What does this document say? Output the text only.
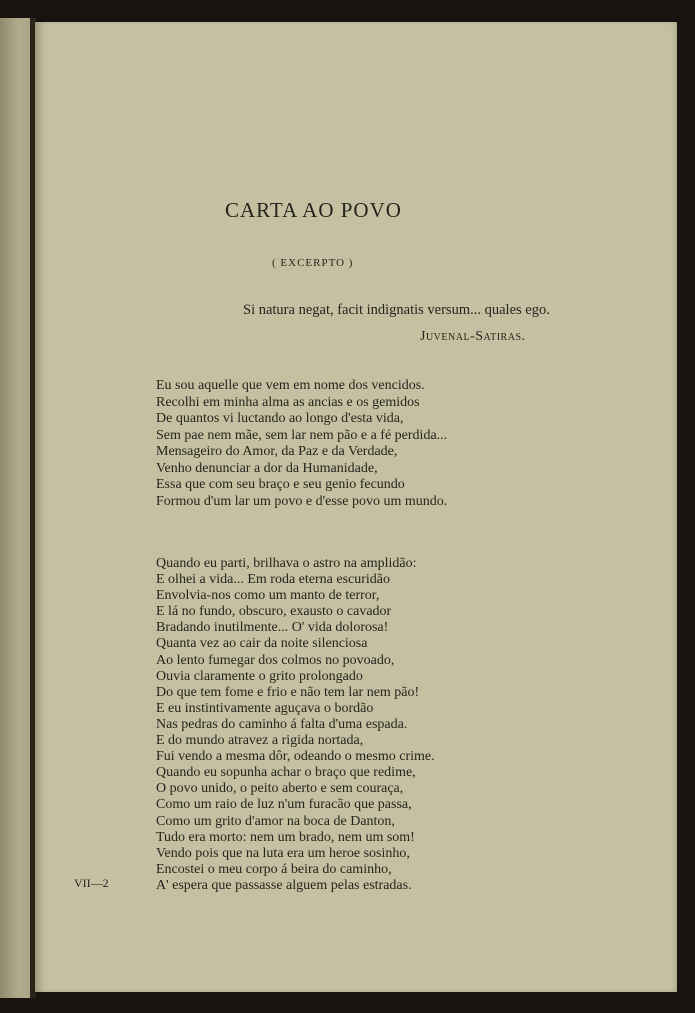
CARTA AO POVO
( EXCERPTO )
Si natura negat, facit indignatis versum... quales ego.
Juvenal-Satiras.
Eu sou aquelle que vem em nome dos vencidos.
Recolhi em minha alma as ancias e os gemidos
De quantos vi luctando ao longo d'esta vida,
Sem pae nem mãe, sem lar nem pão e a fé perdida...
Mensageiro do Amor, da Paz e da Verdade,
Venho denunciar a dor da Humanidade,
Essa que com seu braço e seu genio fecundo
Formou d'um lar um povo e d'esse povo um mundo.
Quando eu parti, brilhava o astro na amplidão:
E olhei a vida... Em roda eterna escuridão
Envolvia-nos como um manto de terror,
E lá no fundo, obscuro, exausto o cavador
Bradando inutilmente... O' vida dolorosa!
Quanta vez ao cair da noite silenciosa
Ao lento fumegar dos colmos no povoado,
Ouvia claramente o grito prolongado
Do que tem fome e frio e não tem lar nem pão!
E eu instintivamente aguçava o bordão
Nas pedras do caminho á falta d'uma espada.
E do mundo atravez a rigida nortada,
Fui vendo a mesma dôr, odeando o mesmo crime.
Quando eu sopunha achar o braço que redime,
O povo unido, o peito aberto e sem couraça,
Como um raio de luz n'um furacão que passa,
Como um grito d'amor na boca de Danton,
Tudo era morto: nem um brado, nem um som!
Vendo pois que na luta era um heroe sosinho,
Encostei o meu corpo á beira do caminho,
A' espera que passasse alguem pelas estradas.
VII—2
